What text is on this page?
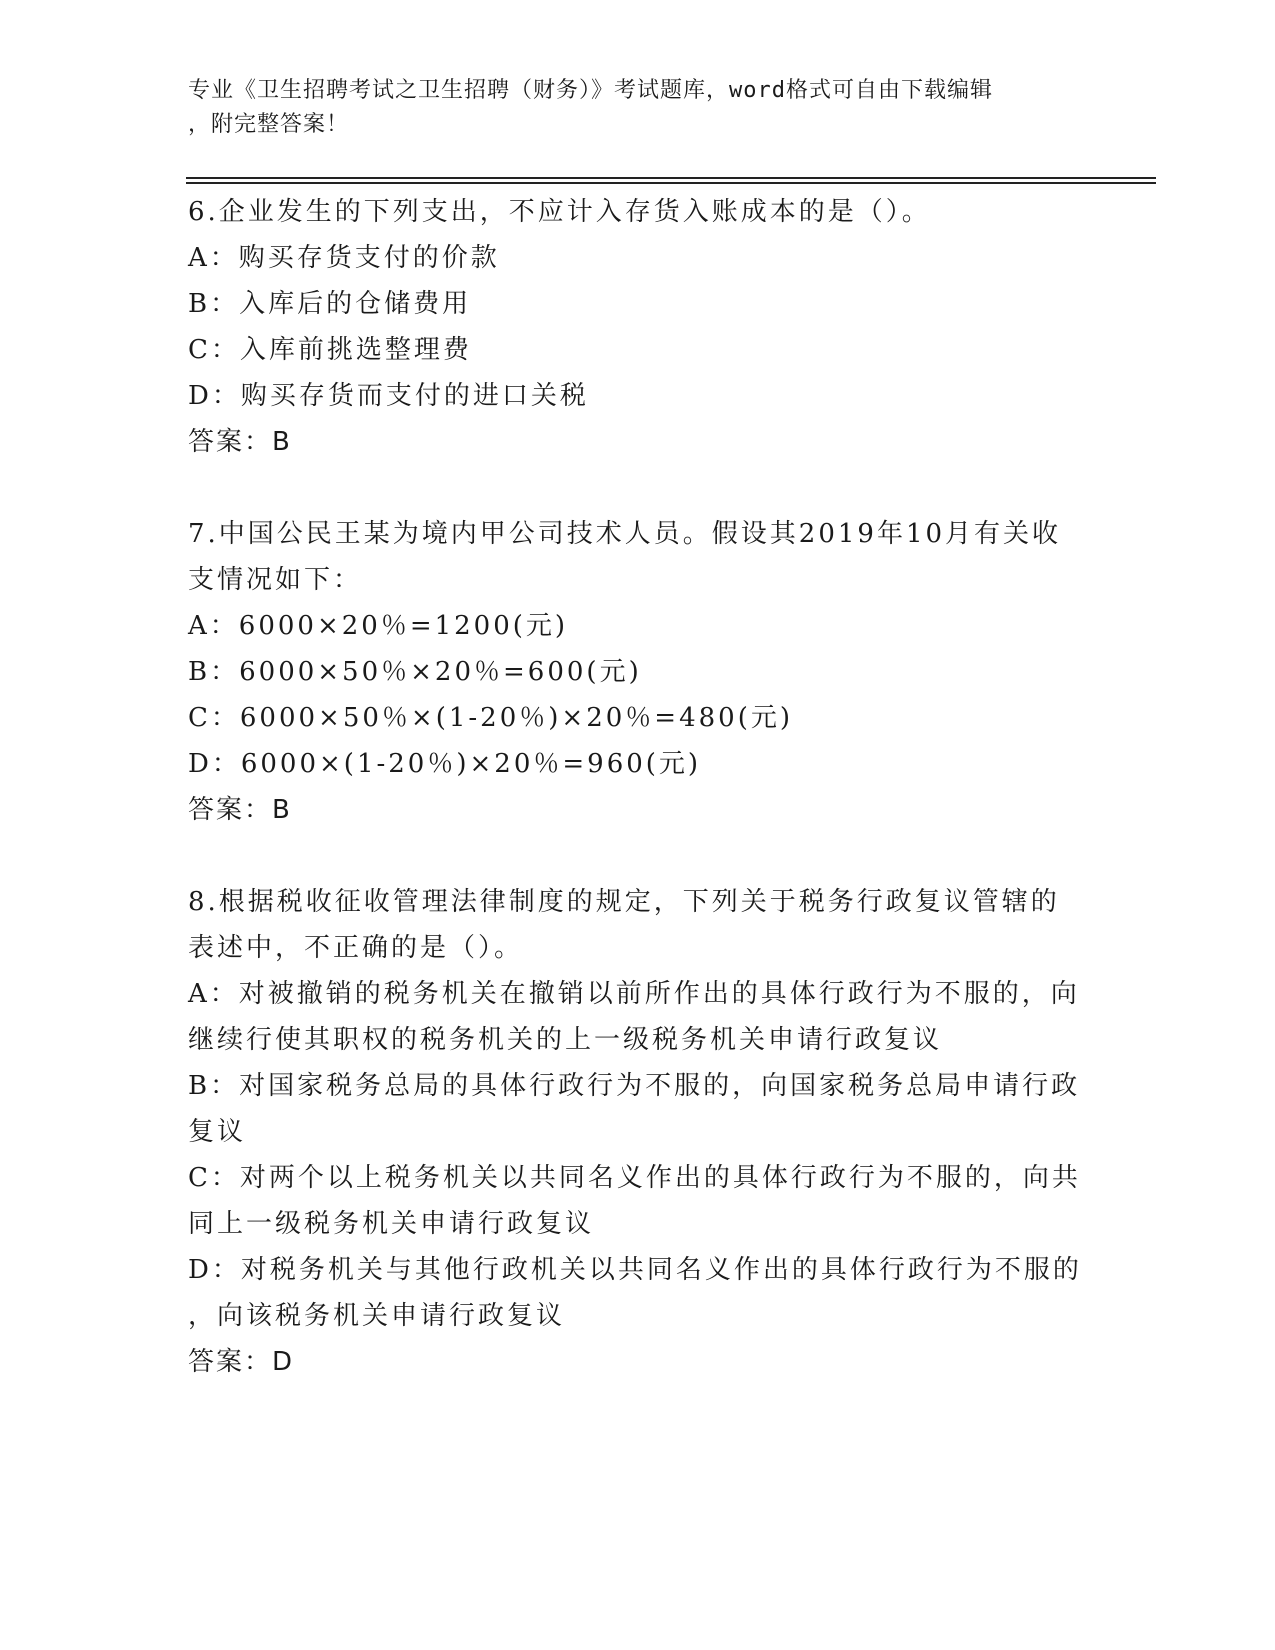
专业《卫生招聘考试之卫生招聘（财务）》考试题库，word格式可自由下载编辑
，附完整答案！
6.企业发生的下列支出，不应计入存货入账成本的是（）。
A：购买存货支付的价款
B：入库后的仓储费用
C：入库前挑选整理费
D：购买存货而支付的进口关税
答案：B
7.中国公民王某为境内甲公司技术人员。假设其2019年10月有关收
支情况如下：
A：6000×20％=1200(元)
B：6000×50％×20％=600(元)
C：6000×50％×(1-20％)×20％=480(元)
D：6000×(1-20％)×20％=960(元)
答案：B
8.根据税收征收管理法律制度的规定，下列关于税务行政复议管辖的
表述中，不正确的是（）。
A：对被撤销的税务机关在撤销以前所作出的具体行政行为不服的，向
继续行使其职权的税务机关的上一级税务机关申请行政复议
B：对国家税务总局的具体行政行为不服的，向国家税务总局申请行政
复议
C：对两个以上税务机关以共同名义作出的具体行政行为不服的，向共
同上一级税务机关申请行政复议
D：对税务机关与其他行政机关以共同名义作出的具体行政行为不服的
，向该税务机关申请行政复议
答案：D
